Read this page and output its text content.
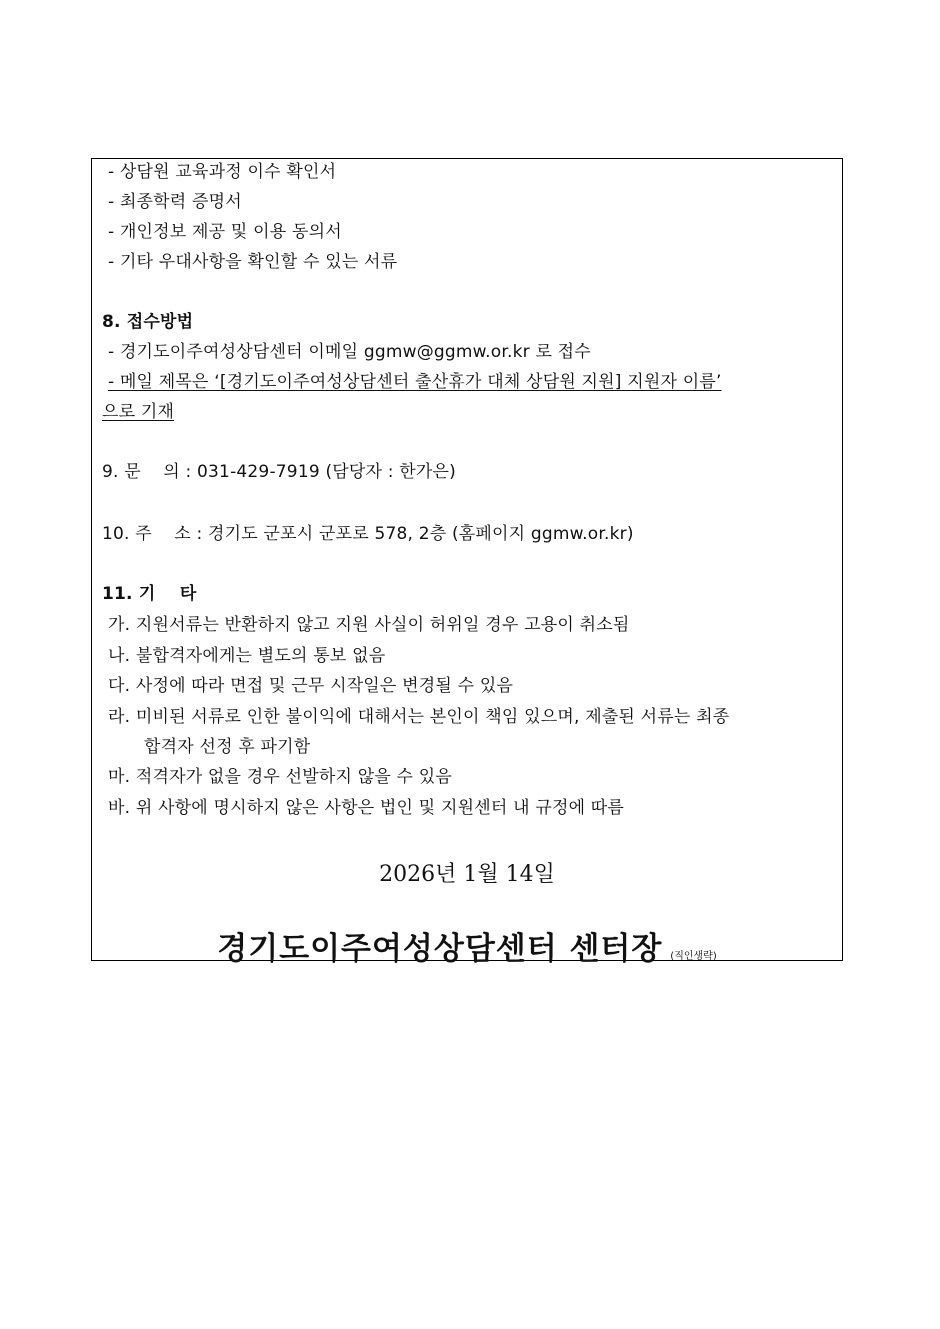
- 상담원 교육과정 이수 확인서
- 최종학력 증명서
- 개인정보 제공 및 이용 동의서
- 기타 우대사항을 확인할 수 있는 서류
8. 접수방법
- 경기도이주여성상담센터 이메일 ggmw@ggmw.or.kr 로 접수
- 메일 제목은 ‘[경기도이주여성상담센터 출산휴가 대체 상담원 지원] 지원자 이름’
으로 기재
9. 문    의 : 031-429-7919 (담당자 : 한가은)
10. 주    소 : 경기도 군포시 군포로 578, 2층 (홈페이지 ggmw.or.kr)
11. 기    타
가. 지원서류는 반환하지 않고 지원 사실이 허위일 경우 고용이 취소됨
나. 불합격자에게는 별도의 통보 없음
다. 사정에 따라 면접 및 근무 시작일은 변경될 수 있음
라. 미비된 서류로 인한 불이익에 대해서는 본인이 책임 있으며, 제출된 서류는 최종
합격자 선정 후 파기함
마. 적격자가 없을 경우 선발하지 않을 수 있음
바. 위 사항에 명시하지 않은 사항은 법인 및 지원센터 내 규정에 따름
2026년 1월 14일
경기도이주여성상담센터 센터장 (직인생략)
